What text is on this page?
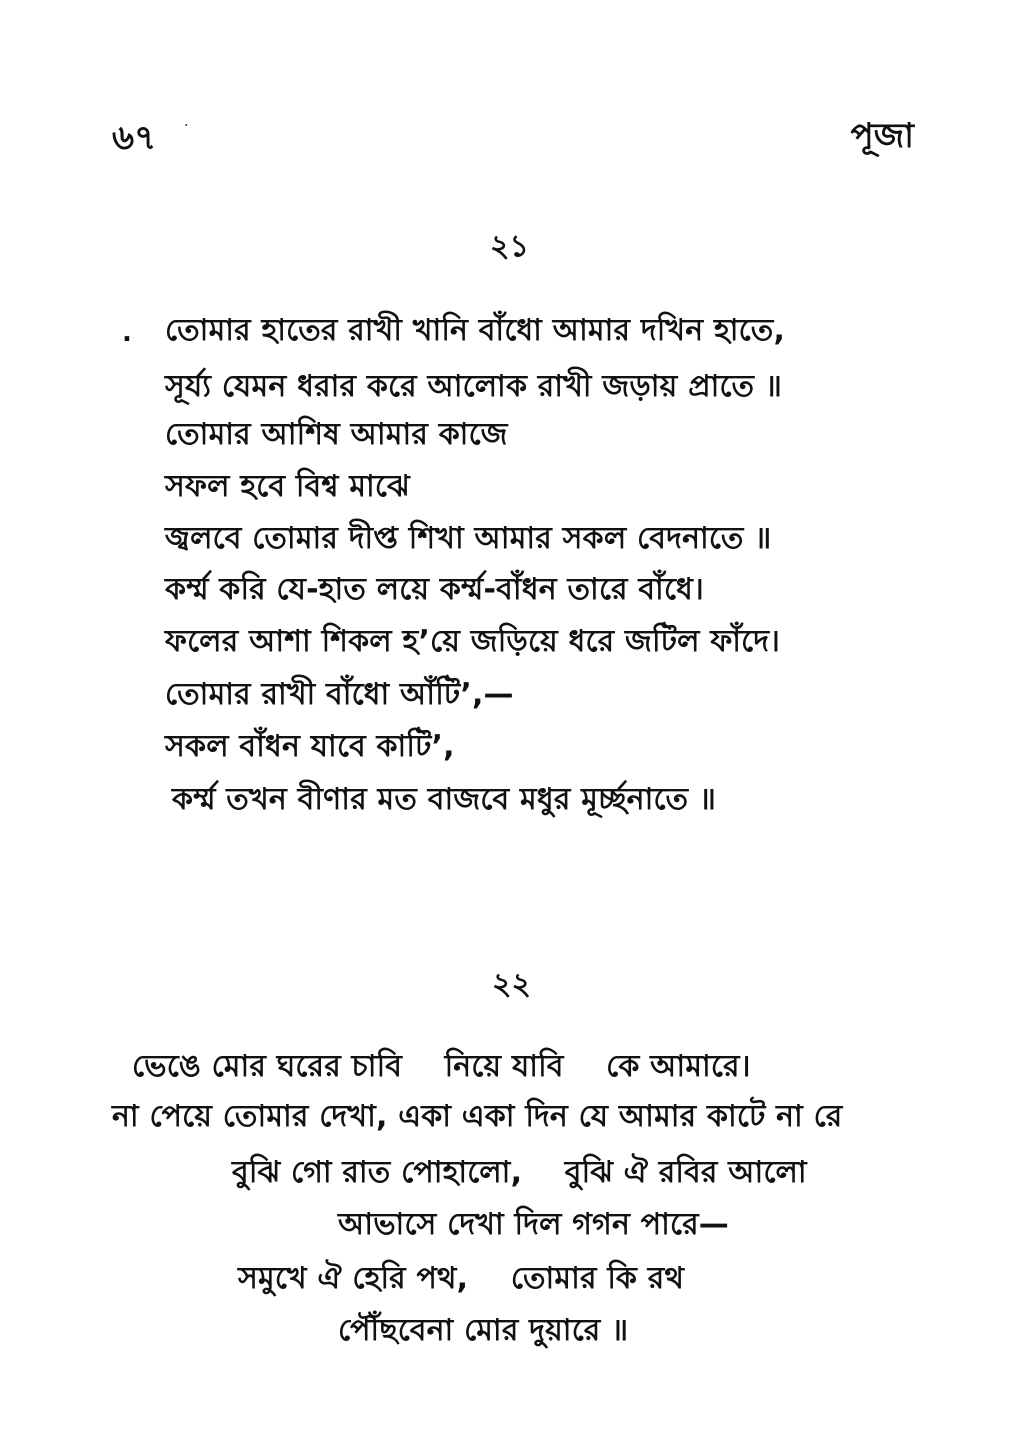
৬৭ ·	পূজা
২১
. তোমার হাতের রাখী খানি বাঁধো আমার দখিন হাতে,
সূর্য্য যেমন ধরার করে আলোক রাখী জড়ায় প্রাতে ॥
তোমার আশিষ আমার কাজে
সফল হবে বিশ্ব মাঝে
জ্বলবে তোমার দীপ্ত শিখা আমার সকল বেদনাতে ॥
কর্ম্ম করি যে-হাত লয়ে কর্ম্ম-বাঁধন তারে বাঁধে।
ফলের আশা শিকল হ’য়ে জড়িয়ে ধরে জটিল ফাঁদে।
তোমার রাখী বাঁধো আঁটি’,—
সকল বাঁধন যাবে কাটি’,
কর্ম্ম তখন বীণার মত বাজবে মধুর মূর্চ্ছনাতে ॥
২২
ভেঙে মোর ঘরের চাবি    নিয়ে যাবি    কে আমারে।
না পেয়ে তোমার দেখা, একা একা দিন যে আমার কাটে না রে
বুঝি গো রাত পোহালো,    বুঝি ঐ রবির আলো
আভাসে দেখা দিল গগন পারে—
সমুখে ঐ হেরি পথ,    তোমার কি রথ
পৌঁছবেনা মোর দুয়ারে ॥
